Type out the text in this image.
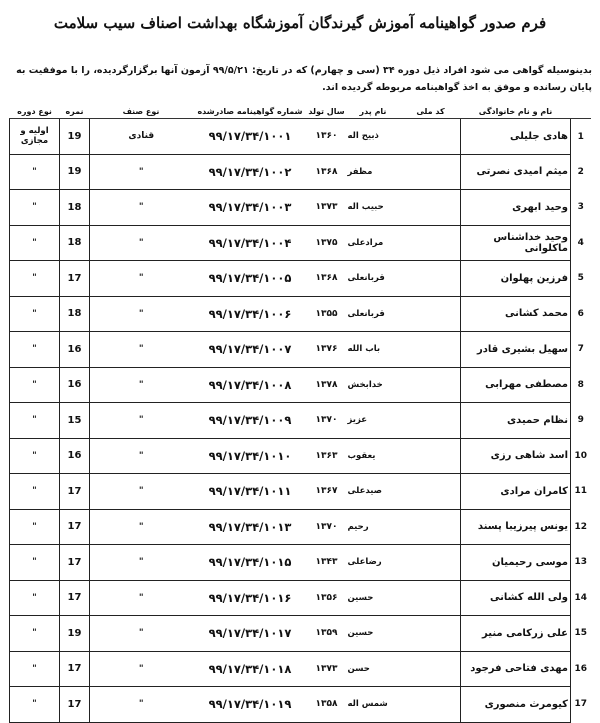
فرم صدور گواهینامه آموزش گیرندگان آموزشگاه بهداشت اصناف سیب سلامت
بدینوسیله گواهی می شود افراد ذیل دوره ۳۴ (سی و چهارم) که در تاریخ: ۹۹/۵/۲۱ آزمون آنها برگزارگردیده، را با موفقیت به پایان رسانده و موفق به اخذ گواهینامه مربوطه گردیده اند.
	نام و نام خانوادگی	کد ملی	نام پدر	سال تولد	شماره گواهینامه صادرشده	نوع صنف	نمره	نوع دوره
1	هادی جلیلی		ذبیح اله	۱۳۶۰	۹۹/۱۷/۳۴/۱۰۰۱	قنادی	19	اولیه و مجازی
2	میثم امیدی نصرتی		مظفر	۱۳۶۸	۹۹/۱۷/۳۴/۱۰۰۲	"	19	"
3	وحید ابهری		حبیب اله	۱۳۷۳	۹۹/۱۷/۳۴/۱۰۰۳	"	18	"
4	وحید خداشناس ماکلوانی		مرادعلی	۱۳۷۵	۹۹/۱۷/۳۴/۱۰۰۴	"	18	"
5	فرزین پهلوان		قربانعلی	۱۳۶۸	۹۹/۱۷/۳۴/۱۰۰۵	"	17	"
6	محمد کشانی		قربانعلی	۱۳۵۵	۹۹/۱۷/۳۴/۱۰۰۶	"	18	"
7	سهیل بشیری قادر		باب الله	۱۳۷۶	۹۹/۱۷/۳۴/۱۰۰۷	"	16	"
8	مصطفی مهرابی		خدابخش	۱۳۷۸	۹۹/۱۷/۳۴/۱۰۰۸	"	16	"
9	نظام حمیدی		عزیز	۱۳۷۰	۹۹/۱۷/۳۴/۱۰۰۹	"	15	"
10	اسد شاهی رزی		یعقوب	۱۳۶۳	۹۹/۱۷/۳۴/۱۰۱۰	"	16	"
11	کامران مرادی		صیدعلی	۱۳۶۷	۹۹/۱۷/۳۴/۱۰۱۱	"	17	"
12	یونس پیرزیبا پسند		رحیم	۱۳۷۰	۹۹/۱۷/۳۴/۱۰۱۳	"	17	"
13	موسی رحیمیان		رضاعلی	۱۳۴۳	۹۹/۱۷/۳۴/۱۰۱۵	"	17	"
14	ولی الله کشانی		حسین	۱۳۵۶	۹۹/۱۷/۳۴/۱۰۱۶	"	17	"
15	علی زرکامی منیر		حسین	۱۳۵۹	۹۹/۱۷/۳۴/۱۰۱۷	"	19	"
16	مهدی فتاحی فرجود		حسن	۱۳۷۳	۹۹/۱۷/۳۴/۱۰۱۸	"	17	"
17	کیومرث منصوری		شمس اله	۱۳۵۸	۹۹/۱۷/۳۴/۱۰۱۹	"	17	"
